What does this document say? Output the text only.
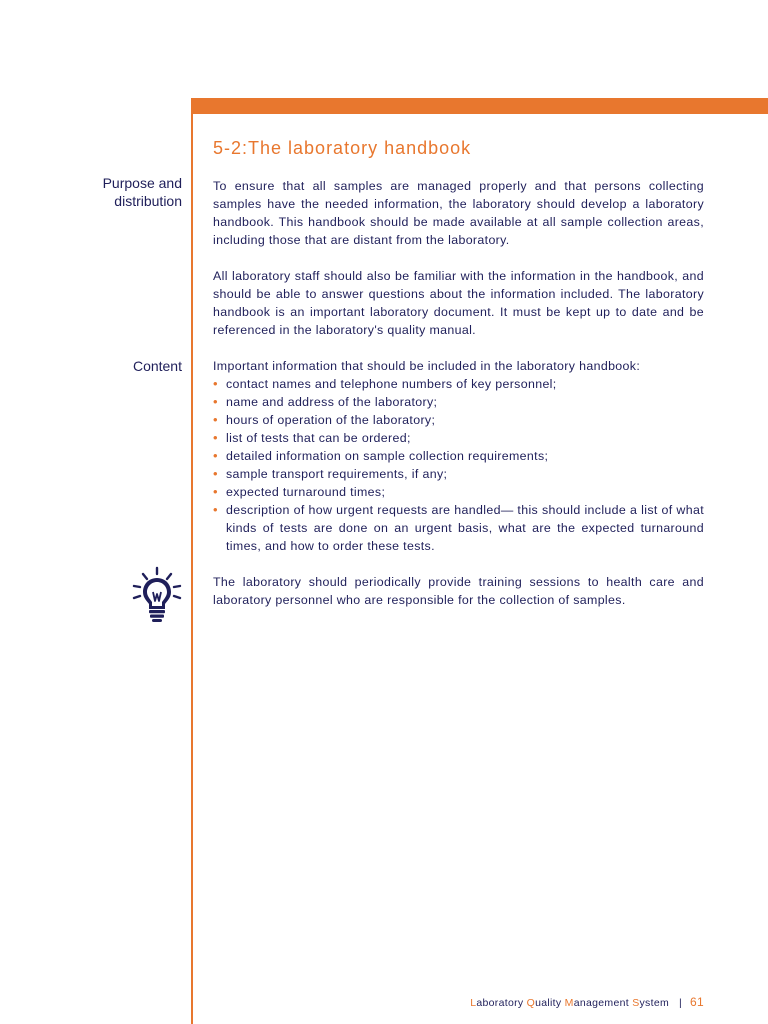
5-2:The laboratory handbook

Purpose and
distribution

Content

To ensure that all samples are managed properly and that persons collecting samples have the needed information, the laboratory should develop a laboratory handbook. This handbook should be made available at all sample collection areas, including those that are distant from the laboratory.

All laboratory staff should also be familiar with the information in the handbook, and should be able to answer questions about the information included. The laboratory handbook is an important laboratory document. It must be kept up to date and be referenced in the laboratory's quality manual.

Important information that should be included in the laboratory handbook:

• contact names and telephone numbers of key personnel;
• name and address of the laboratory;
• hours of operation of the laboratory;
• list of tests that can be ordered;
• detailed information on sample collection requirements;
• sample transport requirements, if any;
• expected turnaround times;
• description of how urgent requests are handled— this should include a list of what kinds of tests are done on an urgent basis, what are the expected turnaround times, and how to order these tests.

The laboratory should periodically provide training sessions to health care and laboratory personnel who are responsible for the collection of samples.

Laboratory Quality Management System | 61
